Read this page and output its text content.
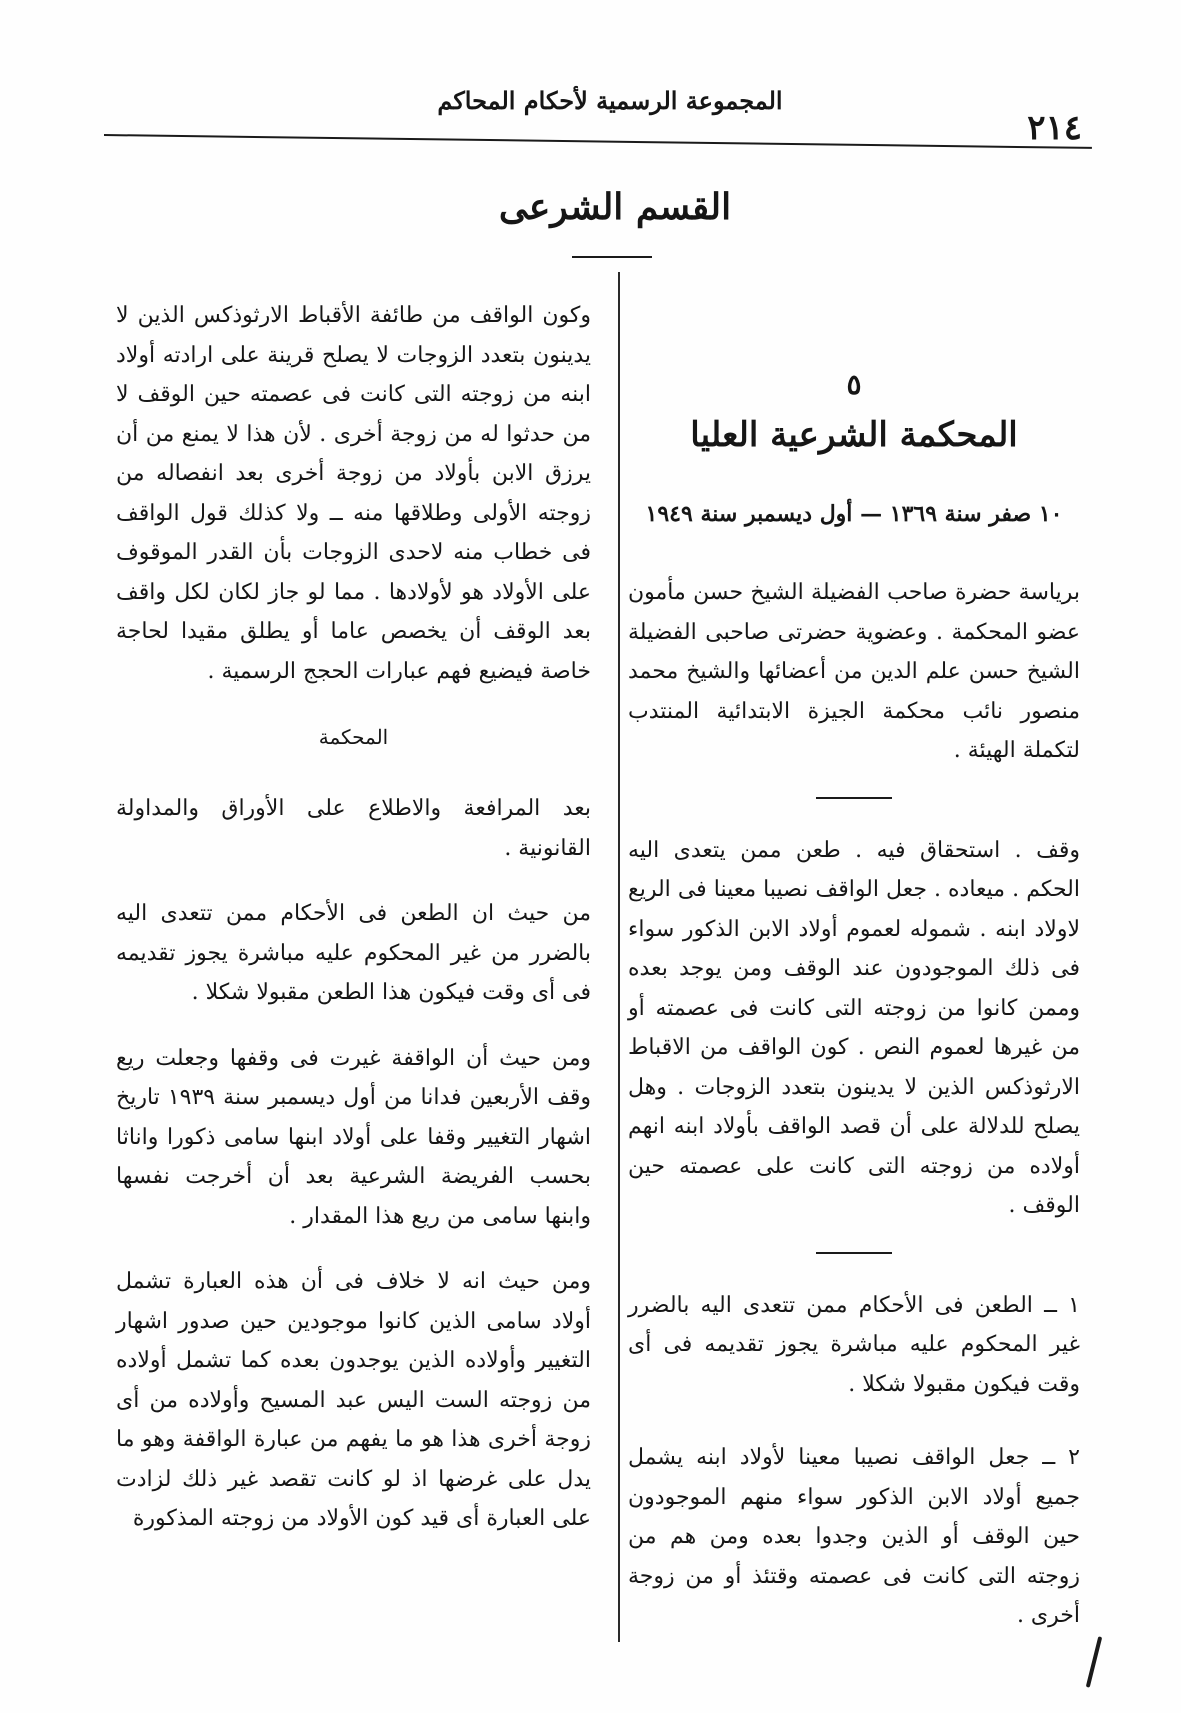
المجموعة الرسمية لأحكام المحاكم
٢١٤
القسم الشرعى

٥

المحكمة الشرعية العليا

١٠ صفر سنة ١٣٦٩ — أول ديسمبر سنة ١٩٤٩

برياسة حضرة صاحب الفضيلة الشيخ حسن مأمون عضو المحكمة . وعضوية حضرتى صاحبى الفضيلة الشيخ حسن علم الدين من أعضائها والشيخ محمد منصور نائب محكمة الجيزة الابتدائية المنتدب لتكملة الهيئة .

وقف . استحقاق فيه . طعن ممن يتعدى اليه الحكم . ميعاده . جعل الواقف نصيبا معينا فى الريع لاولاد ابنه . شموله لعموم أولاد الابن الذكور سواء فى ذلك الموجودون عند الوقف ومن يوجد بعده وممن كانوا من زوجته التى كانت فى عصمته أو من غيرها لعموم النص . كون الواقف من الاقباط الارثوذكس الذين لا يدينون بتعدد الزوجات . وهل يصلح للدلالة على أن قصد الواقف بأولاد ابنه انهم أولاده من زوجته التى كانت على عصمته حين الوقف .

١ ــ الطعن فى الأحكام ممن تتعدى اليه بالضرر غير المحكوم عليه مباشرة يجوز تقديمه فى أى وقت فيكون مقبولا شكلا .

٢ ــ جعل الواقف نصيبا معينا لأولاد ابنه يشمل جميع أولاد الابن الذكور سواء منهم الموجودون حين الوقف أو الذين وجدوا بعده ومن هم من زوجته التى كانت فى عصمته وقتئذ أو من زوجة أخرى .

وكون الواقف من طائفة الأقباط الارثوذكس الذين لا يدينون بتعدد الزوجات لا يصلح قرينة على ارادته أولاد ابنه من زوجته التى كانت فى عصمته حين الوقف لا من حدثوا له من زوجة أخرى . لأن هذا لا يمنع من أن يرزق الابن بأولاد من زوجة أخرى بعد انفصاله من زوجته الأولى وطلاقها منه ــ ولا كذلك قول الواقف فى خطاب منه لاحدى الزوجات بأن القدر الموقوف على الأولاد هو لأولادها . مما لو جاز لكان لكل واقف بعد الوقف أن يخصص عاما أو يطلق مقيدا لحاجة خاصة فيضيع فهم عبارات الحجج الرسمية .

المحكمة

بعد المرافعة والاطلاع على الأوراق والمداولة القانونية .

من حيث ان الطعن فى الأحكام ممن تتعدى اليه بالضرر من غير المحكوم عليه مباشرة يجوز تقديمه فى أى وقت فيكون هذا الطعن مقبولا شكلا .

ومن حيث أن الواقفة غيرت فى وقفها وجعلت ريع وقف الأربعين فدانا من أول ديسمبر سنة ١٩٣٩ تاريخ اشهار التغيير وقفا على أولاد ابنها سامى ذكورا واناثا بحسب الفريضة الشرعية بعد أن أخرجت نفسها وابنها سامى من ريع هذا المقدار .

ومن حيث انه لا خلاف فى أن هذه العبارة تشمل أولاد سامى الذين كانوا موجودين حين صدور اشهار التغيير وأولاده الذين يوجدون بعده كما تشمل أولاده من زوجته الست اليس عبد المسيح وأولاده من أى زوجة أخرى هذا هو ما يفهم من عبارة الواقفة وهو ما يدل على غرضها اذ لو كانت تقصد غير ذلك لزادت على العبارة أى قيد كون الأولاد من زوجته المذكورة
